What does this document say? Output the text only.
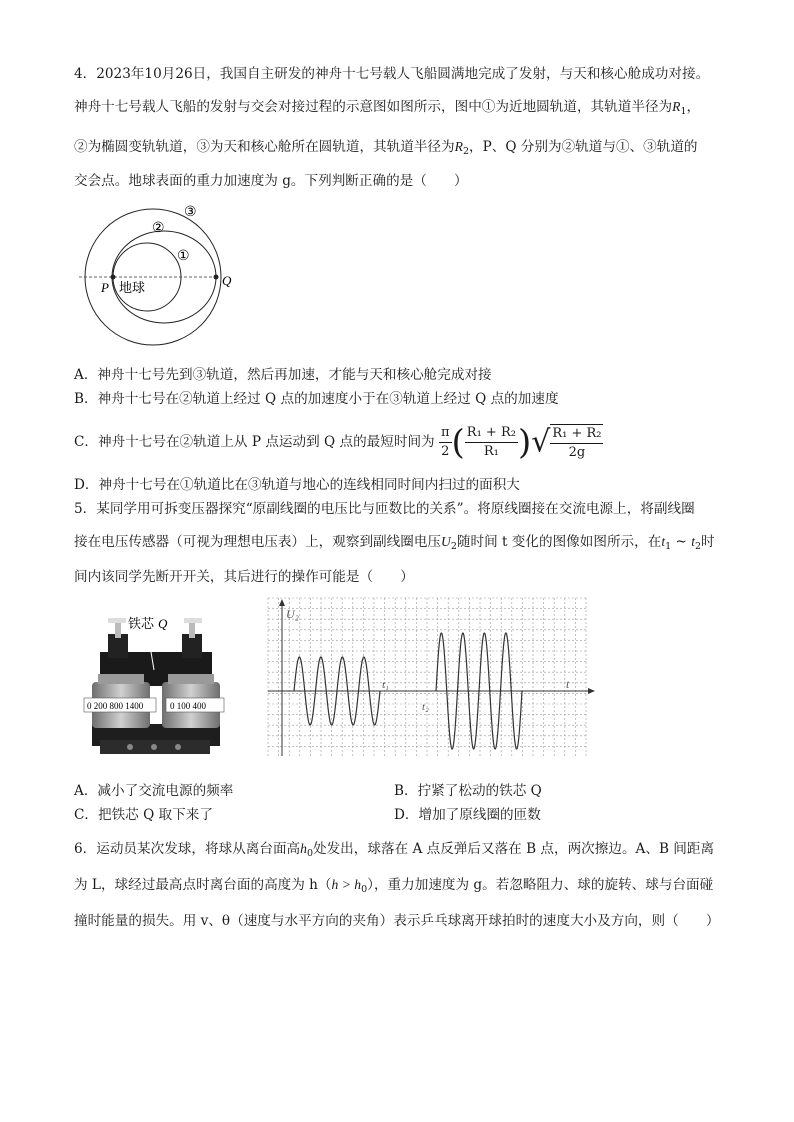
4．2023年10月26日，我国自主研发的神舟十七号载人飞船圆满地完成了发射，与天和核心舱成功对接。
神舟十七号载人飞船的发射与交会对接过程的示意图如图所示，图中①为近地圆轨道，其轨道半径为$R_1$，
②为椭圆变轨轨道，③为天和核心舱所在圆轨道，其轨道半径为$R_2$，P、Q 分别为②轨道与①、③轨道的
交会点。地球表面的重力加速度为 g。下列判断正确的是（　　）
③
②
①
P 地球	Q
A．神舟十七号先到③轨道，然后再加速，才能与天和核心舱完成对接
B．神舟十七号在②轨道上经过 Q 点的加速度小于在③轨道上经过 Q 点的加速度
C．神舟十七号在②轨道上从 P 点运动到 Q 点的最短时间为 $\frac{\pi}{2}$ ( $\frac{\text{R₁ + R₂}}{\text{R₁}}$ )√ $\frac{\text{R₁ + R₂}}{2g}$
D．神舟十七号在①轨道比在③轨道与地心的连线相同时间内扫过的面积大
5．某同学用可拆变压器探究“原副线圈的电压比与匝数比的关系”。将原线圈接在交流电源上，将副线圈
接在电压传感器（可视为理想电压表）上，观察到副线圈电压$U_2$随时间 t 变化的图像如图所示，在$t_1$ ~ $t_2$时
间内该同学先断开开关，其后进行的操作可能是（　　）
0 200 800 1400	0 100 400
铁芯 Q
U₂
t
t₁
t₂
A．减小了交流电源的频率	B．拧紧了松动的铁芯 Q
C．把铁芯 Q 取下来了	D．增加了原线圈的匝数
6．运动员某次发球，将球从离台面高$h_0$处发出，球落在 A 点反弹后又落在 B 点，两次擦边。A、B 间距离
为 L，球经过最高点时离台面的高度为 $h(h > h_0)$，重力加速度为 g。若忽略阻力、球的旋转、球与台面碰
撞时能量的损失。用 v、θ（速度与水平方向的夹角）表示乒乓球离开球拍时的速度大小及方向，则（　　）
